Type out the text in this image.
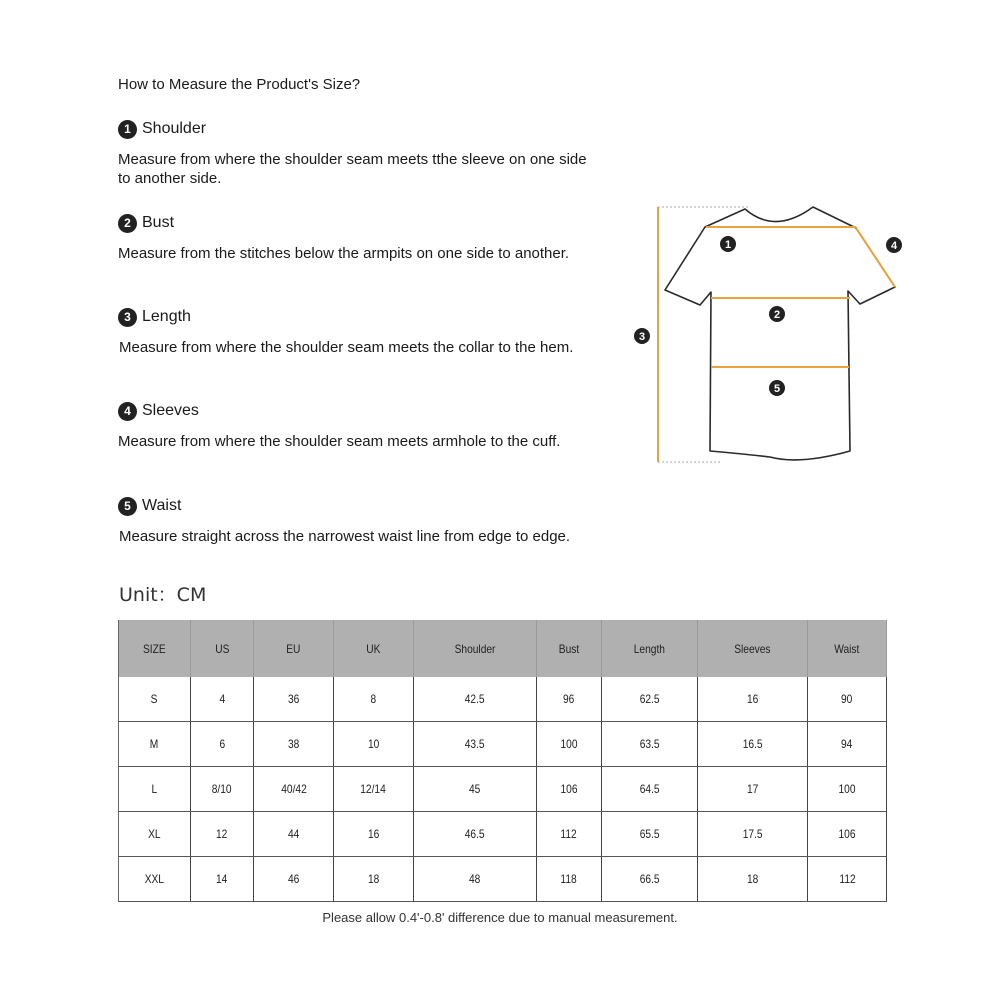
How to Measure the Product's Size?
1 Shoulder
Measure from where the shoulder seam meets tthe sleeve on one side to another side.
2 Bust
Measure from the stitches below the armpits on one side to another.
3 Length
Measure from where the shoulder seam meets the collar to the hem.
4 Sleeves
Measure from where the shoulder seam meets armhole to the cuff.
5 Waist
Measure straight across the narrowest waist line from edge to edge.
1
2
3
4
5
Unit：CM
SIZE	US	EU	UK	Shoulder	Bust	Length	Sleeves	Waist
S	4	36	8	42.5	96	62.5	16	90
M	6	38	10	43.5	100	63.5	16.5	94
L	8/10	40/42	12/14	45	106	64.5	17	100
XL	12	44	16	46.5	112	65.5	17.5	106
XXL	14	46	18	48	118	66.5	18	112
Please allow 0.4'-0.8' difference due to manual measurement.
